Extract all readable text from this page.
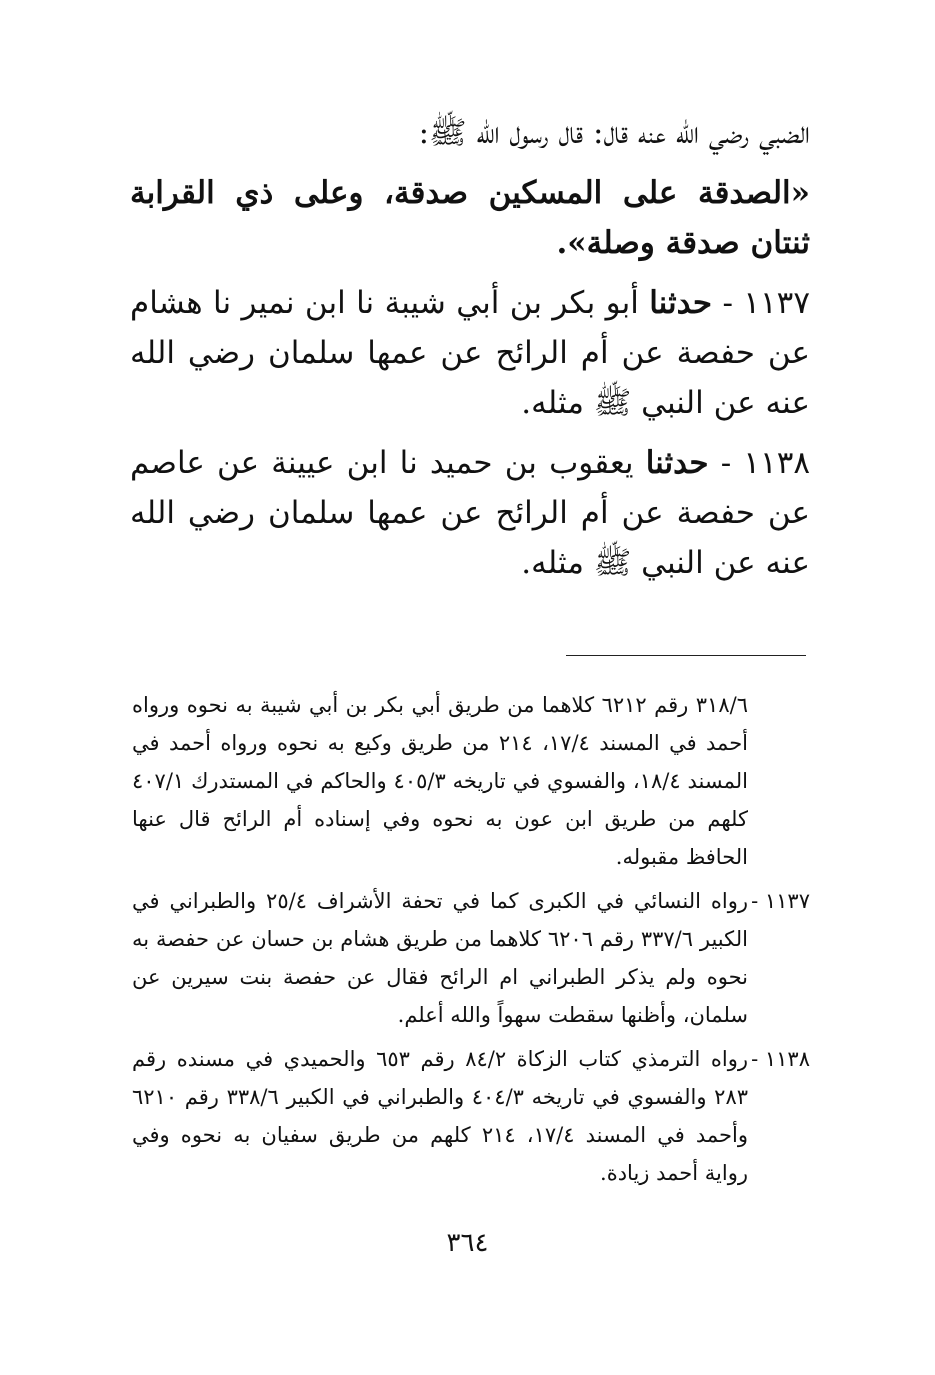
الضبي رضي الله عنه قال: قال رسول الله ﷺ:

«الصدقة على المسكين صدقة، وعلى ذي القرابة ثنتان صدقة وصلة».

١١٣٧ - حدثنا أبو بكر بن أبي شيبة نا ابن نمير نا هشام عن حفصة عن أم الرائح عن عمها سلمان رضي الله عنه عن النبي ﷺ مثله.

١١٣٨ - حدثنا يعقوب بن حميد نا ابن عيينة عن عاصم عن حفصة عن أم الرائح عن عمها سلمان رضي الله عنه عن النبي ﷺ مثله.

٣١٨/٦ رقم ٦٢١٢ كلاهما من طريق أبي بكر بن أبي شيبة به نحوه ورواه أحمد في المسند ١٧/٤، ٢١٤ من طريق وكيع به نحوه ورواه أحمد في المسند ١٨/٤، والفسوي في تاريخه ٤٠٥/٣ والحاكم في المستدرك ٤٠٧/١ كلهم من طريق ابن عون به نحوه وفي إسناده أم الرائح قال عنها الحافظ مقبوله.
١١٣٧ -
رواه النسائي في الكبرى كما في تحفة الأشراف ٢٥/٤ والطبراني في الكبير ٣٣٧/٦ رقم ٦٢٠٦ كلاهما من طريق هشام بن حسان عن حفصة به نحوه ولم يذكر الطبراني ام الرائح فقال عن حفصة بنت سيرين عن سلمان، وأظنها سقطت سهواً والله أعلم.
١١٣٨ -
رواه الترمذي كتاب الزكاة ٨٤/٢ رقم ٦٥٣ والحميدي في مسنده رقم ٢٨٣ والفسوي في تاريخه ٤٠٤/٣ والطبراني في الكبير ٣٣٨/٦ رقم ٦٢١٠ وأحمد في المسند ١٧/٤، ٢١٤ كلهم من طريق سفيان به نحوه وفي رواية أحمد زيادة.
٣٦٤
